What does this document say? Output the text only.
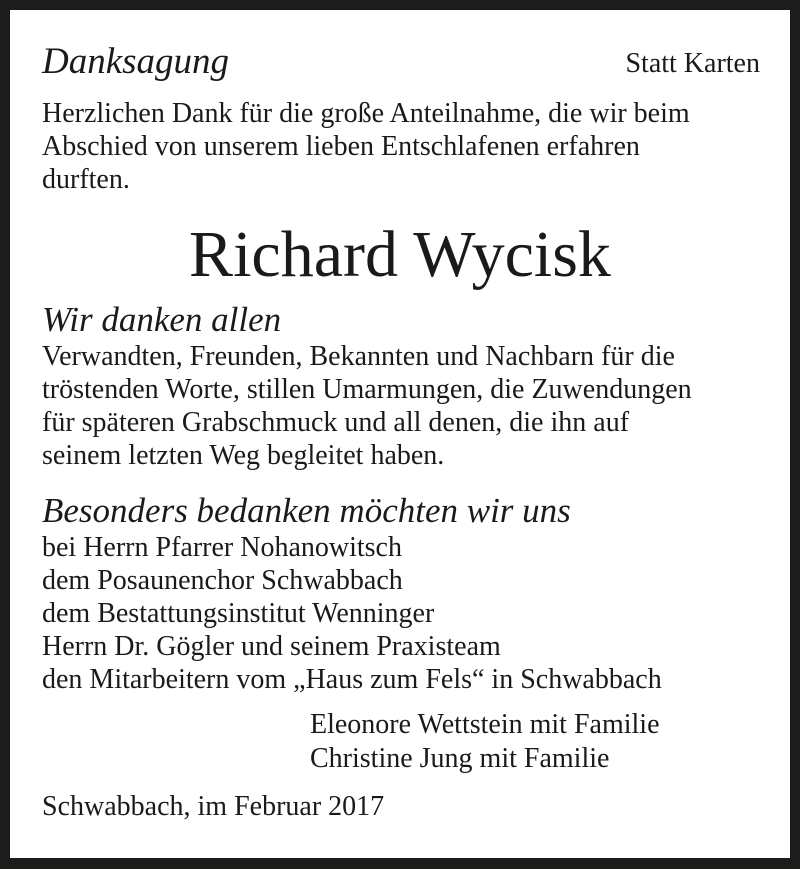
Danksagung	Statt Karten
Herzlichen Dank für die große Anteilnahme, die wir beim
Abschied von unserem lieben Entschlafenen erfahren
durften.
Richard Wycisk
Wir danken allen
Verwandten, Freunden, Bekannten und Nachbarn für die
tröstenden Worte, stillen Umarmungen, die Zuwendungen
für späteren Grabschmuck und all denen, die ihn auf
seinem letzten Weg begleitet haben.
Besonders bedanken möchten wir uns
bei Herrn Pfarrer Nohanowitsch
dem Posaunenchor Schwabbach
dem Bestattungsinstitut Wenninger
Herrn Dr. Gögler und seinem Praxisteam
den Mitarbeitern vom „Haus zum Fels“ in Schwabbach
Eleonore Wettstein mit Familie
Christine Jung mit Familie
Schwabbach, im Februar 2017
